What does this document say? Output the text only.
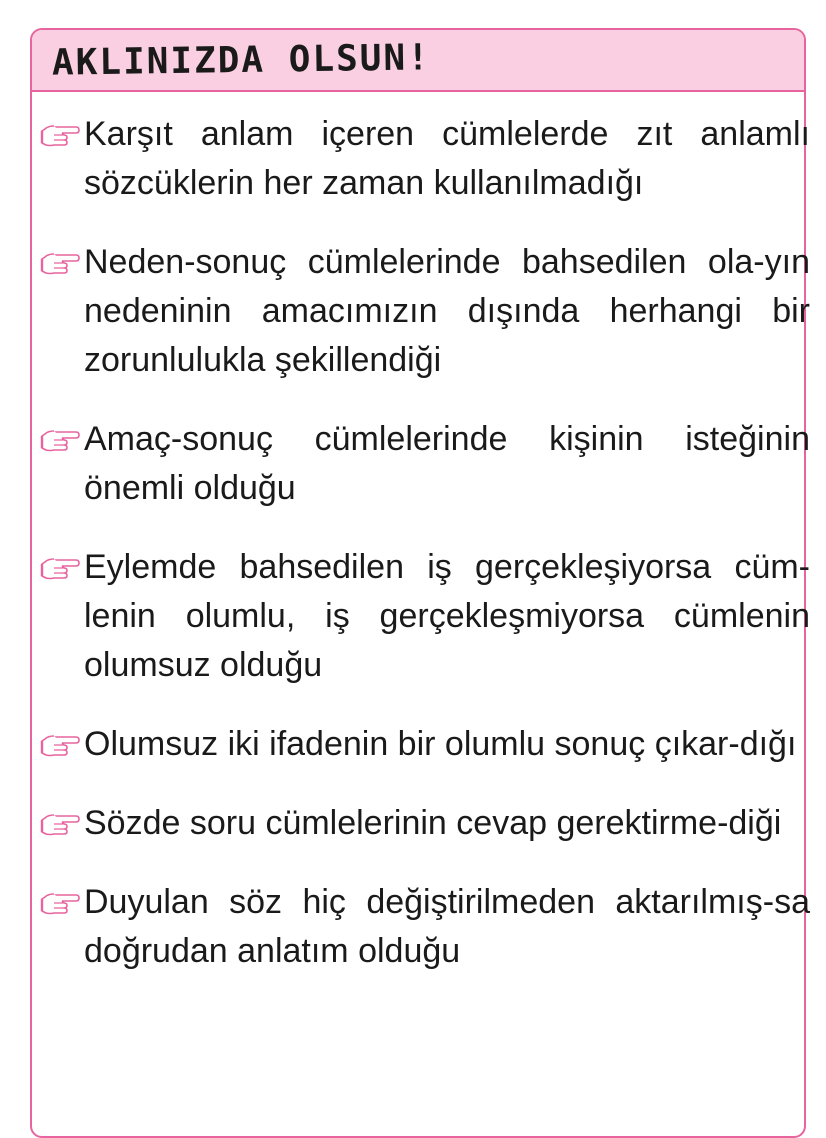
AKLINIZDA OLSUN!
Karşıt anlam içeren cümlelerde zıt anlamlı sözcüklerin her zaman kullanılmadığı
Neden-sonuç cümlelerinde bahsedilen ola-yın nedeninin amacımızın dışında herhangi bir zorunlulukla şekillendiği
Amaç-sonuç cümlelerinde kişinin isteğinin önemli olduğu
Eylemde bahsedilen iş gerçekleşiyorsa cüm-lenin olumlu, iş gerçekleşmiyorsa cümlenin olumsuz olduğu
Olumsuz iki ifadenin bir olumlu sonuç çıkar-dığı
Sözde soru cümlelerinin cevap gerektirme-diği
Duyulan söz hiç değiştirilmeden aktarılmış-sa doğrudan anlatım olduğu
